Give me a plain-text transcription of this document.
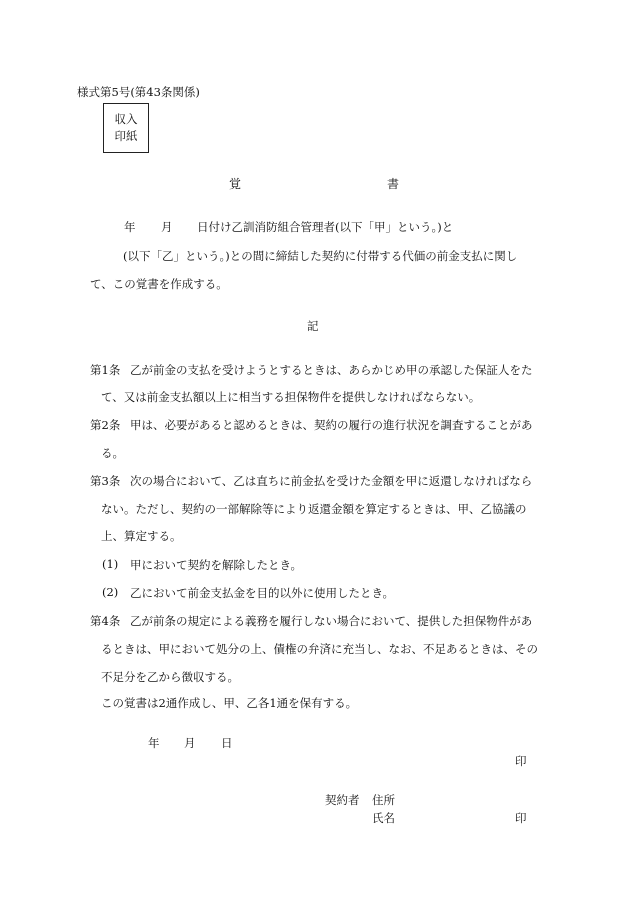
様式第5号(第43条関係)
収入
印紙
覚	書
年 月 日付け乙訓消防組合管理者(以下「甲」という。)と
(以下「乙」という。)との間に締結した契約に付帯する代価の前金支払に関し
て、この覚書を作成する。
記
第1条 乙が前金の支払を受けようとするときは、あらかじめ甲の承認した保証人をた
て、又は前金支払額以上に相当する担保物件を提供しなければならない。
第2条 甲は、必要があると認めるときは、契約の履行の進行状況を調査することがあ
る。
第3条 次の場合において、乙は直ちに前金払を受けた金額を甲に返還しなければなら
ない。ただし、契約の一部解除等により返還金額を算定するときは、甲、乙協議の
上、算定する。
(1) 甲において契約を解除したとき。
(2) 乙において前金支払金を目的以外に使用したとき。
第4条 乙が前条の規定による義務を履行しない場合において、提供した担保物件があ
るときは、甲において処分の上、債権の弁済に充当し、なお、不足あるときは、その
不足分を乙から徴収する。
この覚書は2通作成し、甲、乙各1通を保有する。
年 月 日
印
契約者 住所
氏名	印
